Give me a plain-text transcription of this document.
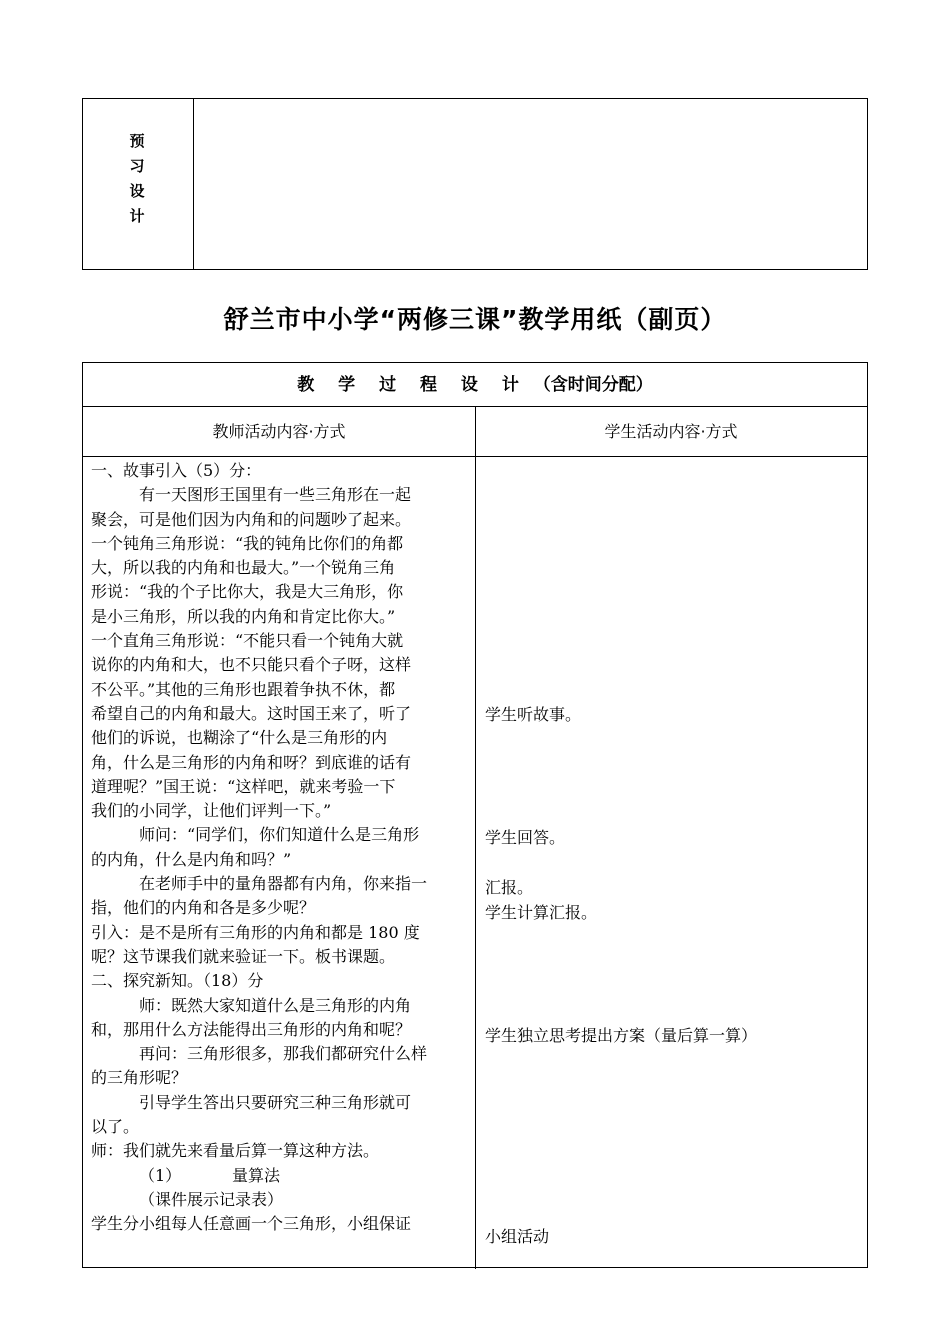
预
习
设
计
舒兰市中小学“两修三课”教学用纸（副页）
教 学 过 程 设 计 （含时间分配）
教师活动内容·方式	学生活动内容·方式
一、故事引入（5）分：
有一天图形王国里有一些三角形在一起
聚会，可是他们因为内角和的问题吵了起来。
一个钝角三角形说：“我的钝角比你们的角都
大，所以我的内角和也最大。”一个锐角三角
形说：“我的个子比你大，我是大三角形，你
是小三角形，所以我的内角和肯定比你大。”
一个直角三角形说：“不能只看一个钝角大就
说你的内角和大，也不只能只看个子呀，这样
不公平。”其他的三角形也跟着争执不休，都
希望自己的内角和最大。这时国王来了，听了
他们的诉说，也糊涂了“什么是三角形的内
角，什么是三角形的内角和呀？到底谁的话有
道理呢？”国王说：“这样吧，就来考验一下
我们的小同学，让他们评判一下。”
师问：“同学们，你们知道什么是三角形
的内角，什么是内角和吗？”
在老师手中的量角器都有内角，你来指一
指，他们的内角和各是多少呢？
引入：是不是所有三角形的内角和都是 180 度
呢？这节课我们就来验证一下。板书课题。
二、探究新知。（18）分
师：既然大家知道什么是三角形的内角
和，那用什么方法能得出三角形的内角和呢？
再问：三角形很多，那我们都研究什么样
的三角形呢？
引导学生答出只要研究三种三角形就可
以了。
师：我们就先来看量后算一算这种方法。
（1）          量算法
（课件展示记录表）
学生分小组每人任意画一个三角形，小组保证
学生听故事。
学生回答。
汇报。
学生计算汇报。
学生独立思考提出方案（量后算一算）
小组活动
